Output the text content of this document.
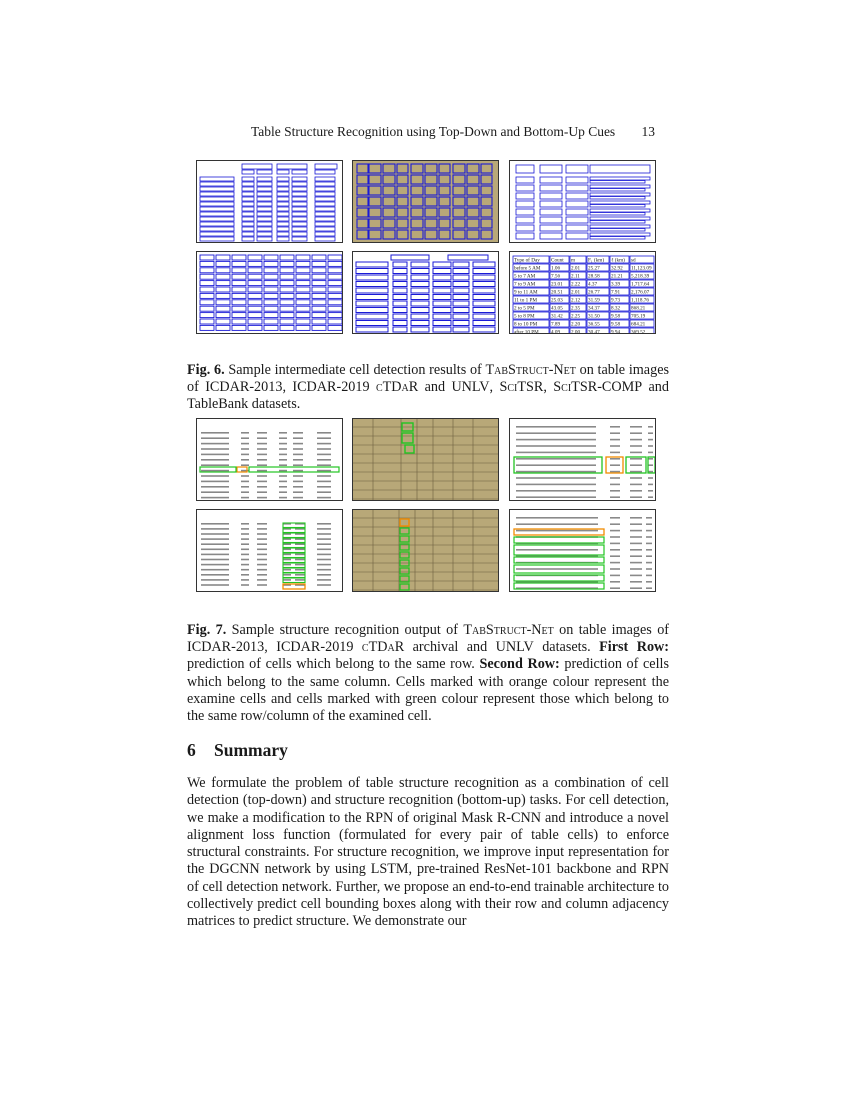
Table Structure Recognition using Top-Down and Bottom-Up Cues 13
Type of Day Count m F₁ (km) ℓ (km) sd
before 5 AM 1.06 2.01 25.27 32.92 11,123.09
5 to 7 AM	7.56 2.11 28.58 21.21 5,218.39
7 to 9 AM	23.01 2.22 4.37	3.39 1,717.64
9 to 11 AM	20.51 2.01 26.77 7.91 2,176.07
11 to 1 PM	25.03 2.12 31.59 9.73 1,118.76
2 to 5 PM	43.05 2.35 34.37 8.32 868.21
5 to 8 PM	31.42 2.25 31.50 9.58 705.19
8 to 10 PM	7.89 2.20 36.55 9.58 684.21
after 10 PM 4.09 2.00 30.47 9.94 369.52
Fig. 6. Sample intermediate cell detection results of TabStruct-Net on table images of ICDAR-2013, ICDAR-2019 cTDaR and UNLV, SciTSR, SciTSR-COMP and TableBank datasets.
Fig. 7. Sample structure recognition output of TabStruct-Net on table images of ICDAR-2013, ICDAR-2019 cTDaR archival and UNLV datasets. First Row: prediction of cells which belong to the same row. Second Row: prediction of cells which belong to the same column. Cells marked with orange colour represent the examine cells and cells marked with green colour represent those which belong to the same row/column of the examined cell.
6 Summary
We formulate the problem of table structure recognition as a combination of cell detection (top-down) and structure recognition (bottom-up) tasks. For cell detection, we make a modification to the RPN of original Mask R-CNN and introduce a novel alignment loss function (formulated for every pair of table cells) to enforce structural constraints. For structure recognition, we improve input representation for the DGCNN network by using LSTM, pre-trained ResNet-101 backbone and RPN of cell detection network. Further, we propose an end-to-end trainable architecture to collectively predict cell bounding boxes along with their row and column adjacency matrices to predict structure. We demonstrate our
